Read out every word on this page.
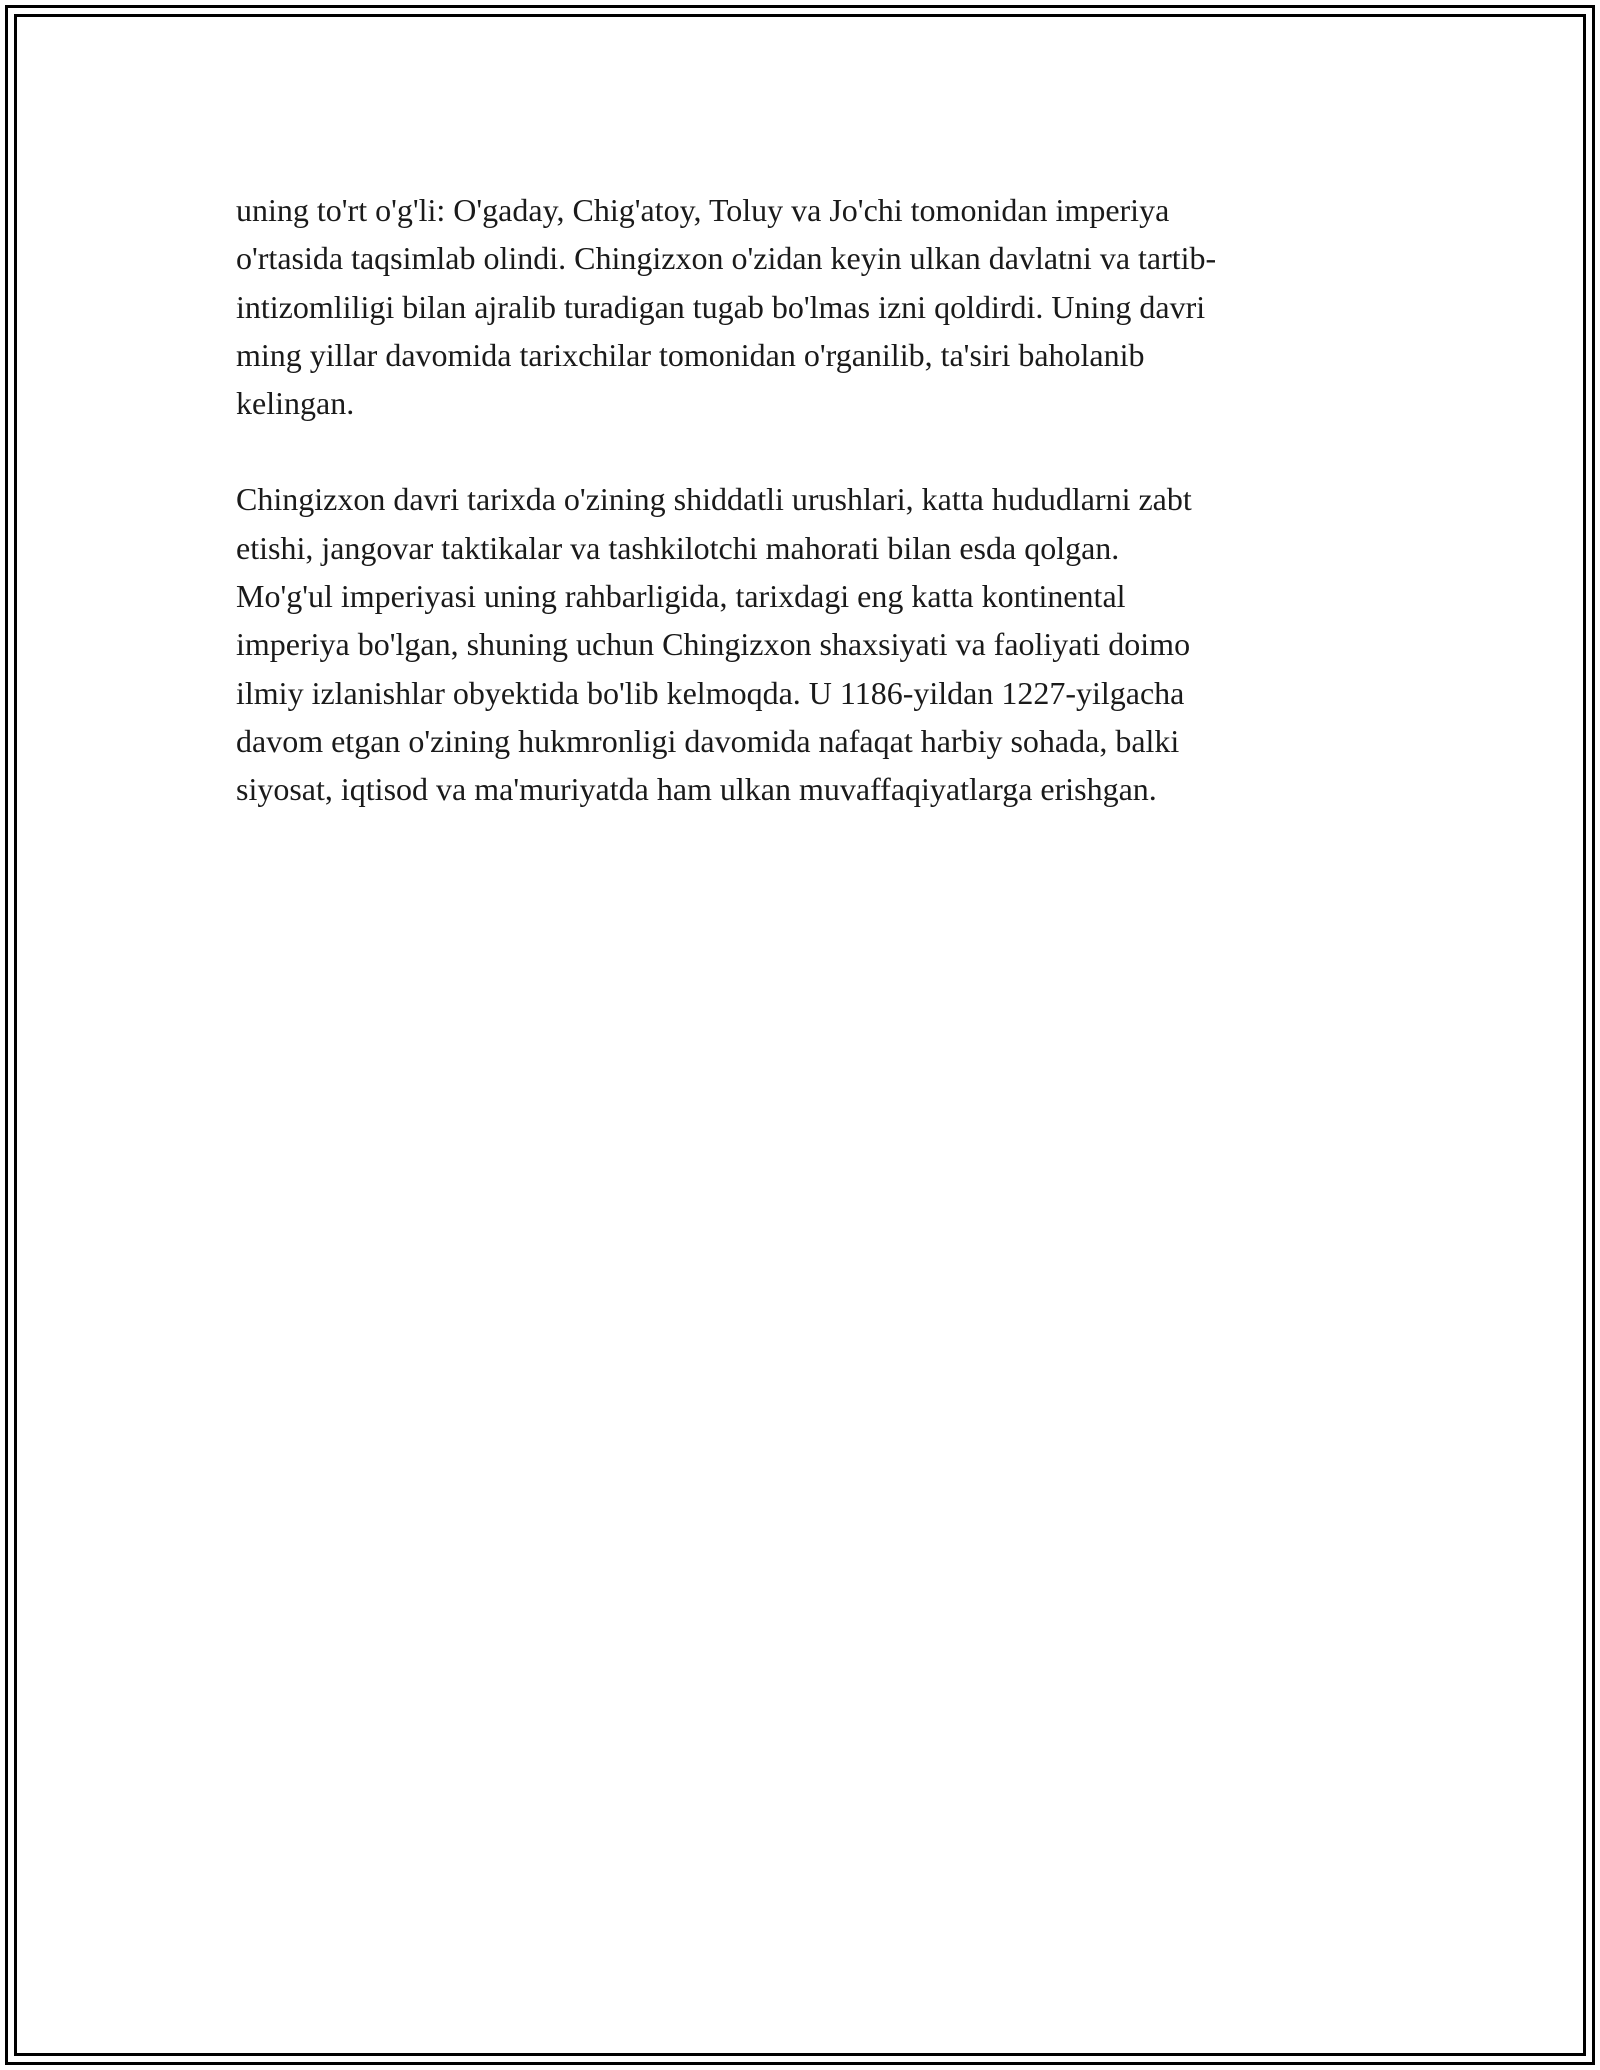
uning to'rt o'g'li: O'gaday, Chig'atoy, Toluy va Jo'chi tomonidan imperiya
o'rtasida taqsimlab olindi. Chingizxon o'zidan keyin ulkan davlatni va tartib-
intizomliligi bilan ajralib turadigan tugab bo'lmas izni qoldirdi. Uning davri
ming yillar davomida tarixchilar tomonidan o'rganilib, ta'siri baholanib
kelingan.

Chingizxon davri tarixda o'zining shiddatli urushlari, katta hududlarni zabt
etishi, jangovar taktikalar va tashkilotchi mahorati bilan esda qolgan.
Mo'g'ul imperiyasi uning rahbarligida, tarixdagi eng katta kontinental
imperiya bo'lgan, shuning uchun Chingizxon shaxsiyati va faoliyati doimo
ilmiy izlanishlar obyektida bo'lib kelmoqda. U 1186-yildan 1227-yilgacha
davom etgan o'zining hukmronligi davomida nafaqat harbiy sohada, balki
siyosat, iqtisod va ma'muriyatda ham ulkan muvaffaqiyatlarga erishgan.
